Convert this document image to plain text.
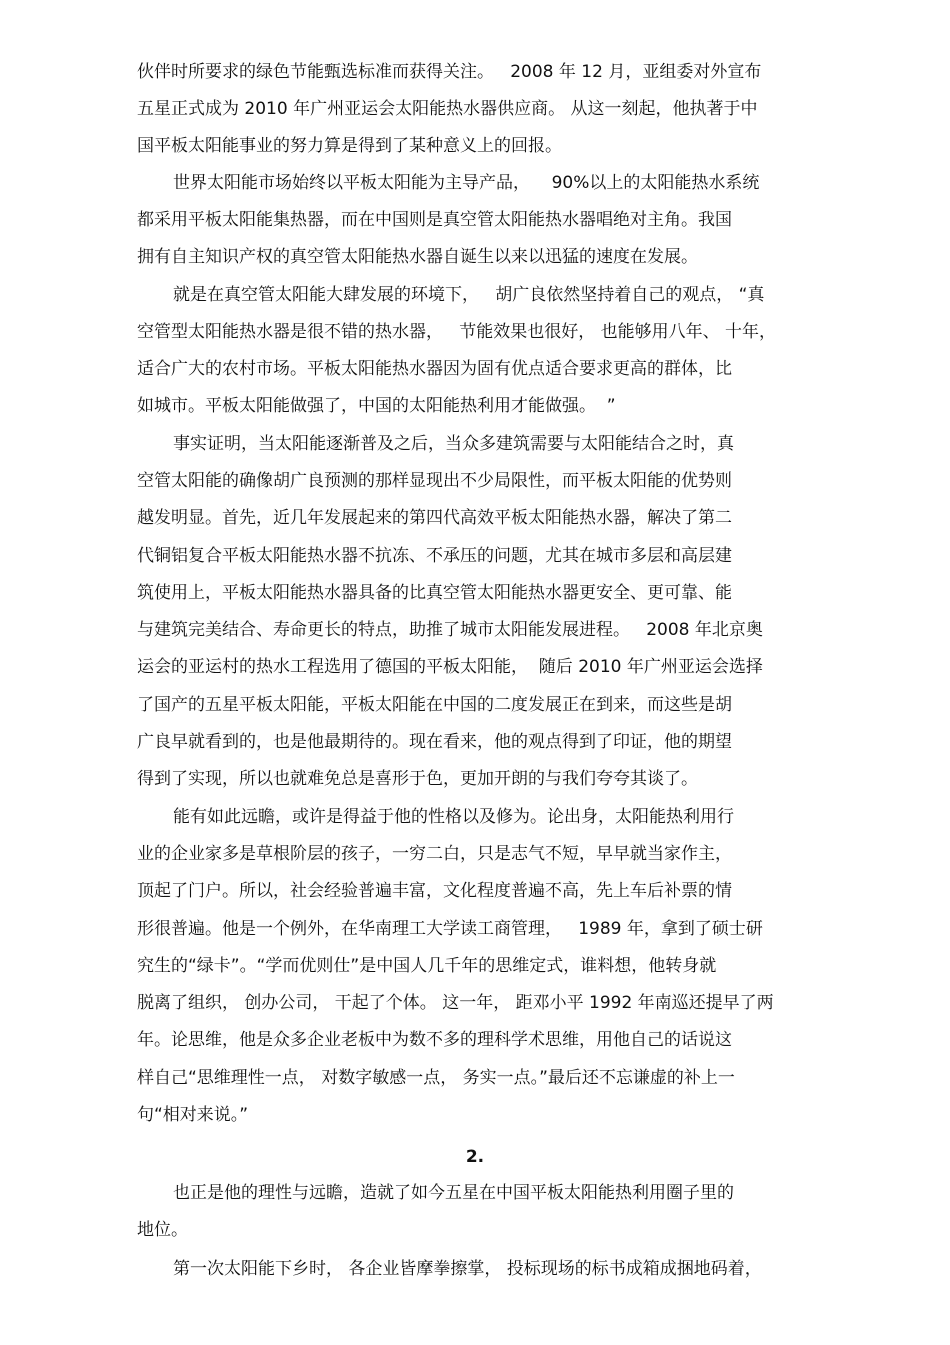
伙伴时所要求的绿色节能甄选标准而获得关注。   2008 年 12 月，亚组委对外宣布
五星正式成为 2010 年广州亚运会太阳能热水器供应商。 从这一刻起，他执著于中
国平板太阳能事业的努力算是得到了某种意义上的回报。
世界太阳能市场始终以平板太阳能为主导产品，    90%以上的太阳能热水系统
都采用平板太阳能集热器，而在中国则是真空管太阳能热水器唱绝对主角。我国
拥有自主知识产权的真空管太阳能热水器自诞生以来以迅猛的速度在发展。
就是在真空管太阳能大肆发展的环境下，   胡广良依然坚持着自己的观点， “真
空管型太阳能热水器是很不错的热水器，   节能效果也很好， 也能够用八年、 十年，
适合广大的农村市场。平板太阳能热水器因为固有优点适合要求更高的群体，比
如城市。平板太阳能做强了，中国的太阳能热利用才能做强。  ”
事实证明，当太阳能逐渐普及之后，当众多建筑需要与太阳能结合之时，真
空管太阳能的确像胡广良预测的那样显现出不少局限性，而平板太阳能的优势则
越发明显。首先，近几年发展起来的第四代高效平板太阳能热水器，解决了第二
代铜铝复合平板太阳能热水器不抗冻、不承压的问题，尤其在城市多层和高层建
筑使用上，平板太阳能热水器具备的比真空管太阳能热水器更安全、更可靠、能
与建筑完美结合、寿命更长的特点，助推了城市太阳能发展进程。   2008 年北京奥
运会的亚运村的热水工程选用了德国的平板太阳能，  随后 2010 年广州亚运会选择
了国产的五星平板太阳能，平板太阳能在中国的二度发展正在到来，而这些是胡
广良早就看到的，也是他最期待的。现在看来，他的观点得到了印证，他的期望
得到了实现，所以也就难免总是喜形于色，更加开朗的与我们夸夸其谈了。
能有如此远瞻，或许是得益于他的性格以及修为。论出身，太阳能热利用行
业的企业家多是草根阶层的孩子，一穷二白，只是志气不短，早早就当家作主，
顶起了门户。所以，社会经验普遍丰富，文化程度普遍不高，先上车后补票的情
形很普遍。他是一个例外，在华南理工大学读工商管理，   1989 年，拿到了硕士研
究生的“绿卡”。“学而优则仕”是中国人几千年的思维定式，谁料想，他转身就
脱离了组织， 创办公司， 干起了个体。 这一年， 距邓小平 1992 年南巡还提早了两
年。论思维，他是众多企业老板中为数不多的理科学术思维，用他自己的话说这
样自己“思维理性一点， 对数字敏感一点， 务实一点。”最后还不忘谦虚的补上一
句“相对来说。”
2.
也正是他的理性与远瞻，造就了如今五星在中国平板太阳能热利用圈子里的
地位。
第一次太阳能下乡时， 各企业皆摩拳擦掌， 投标现场的标书成箱成捆地码着，
